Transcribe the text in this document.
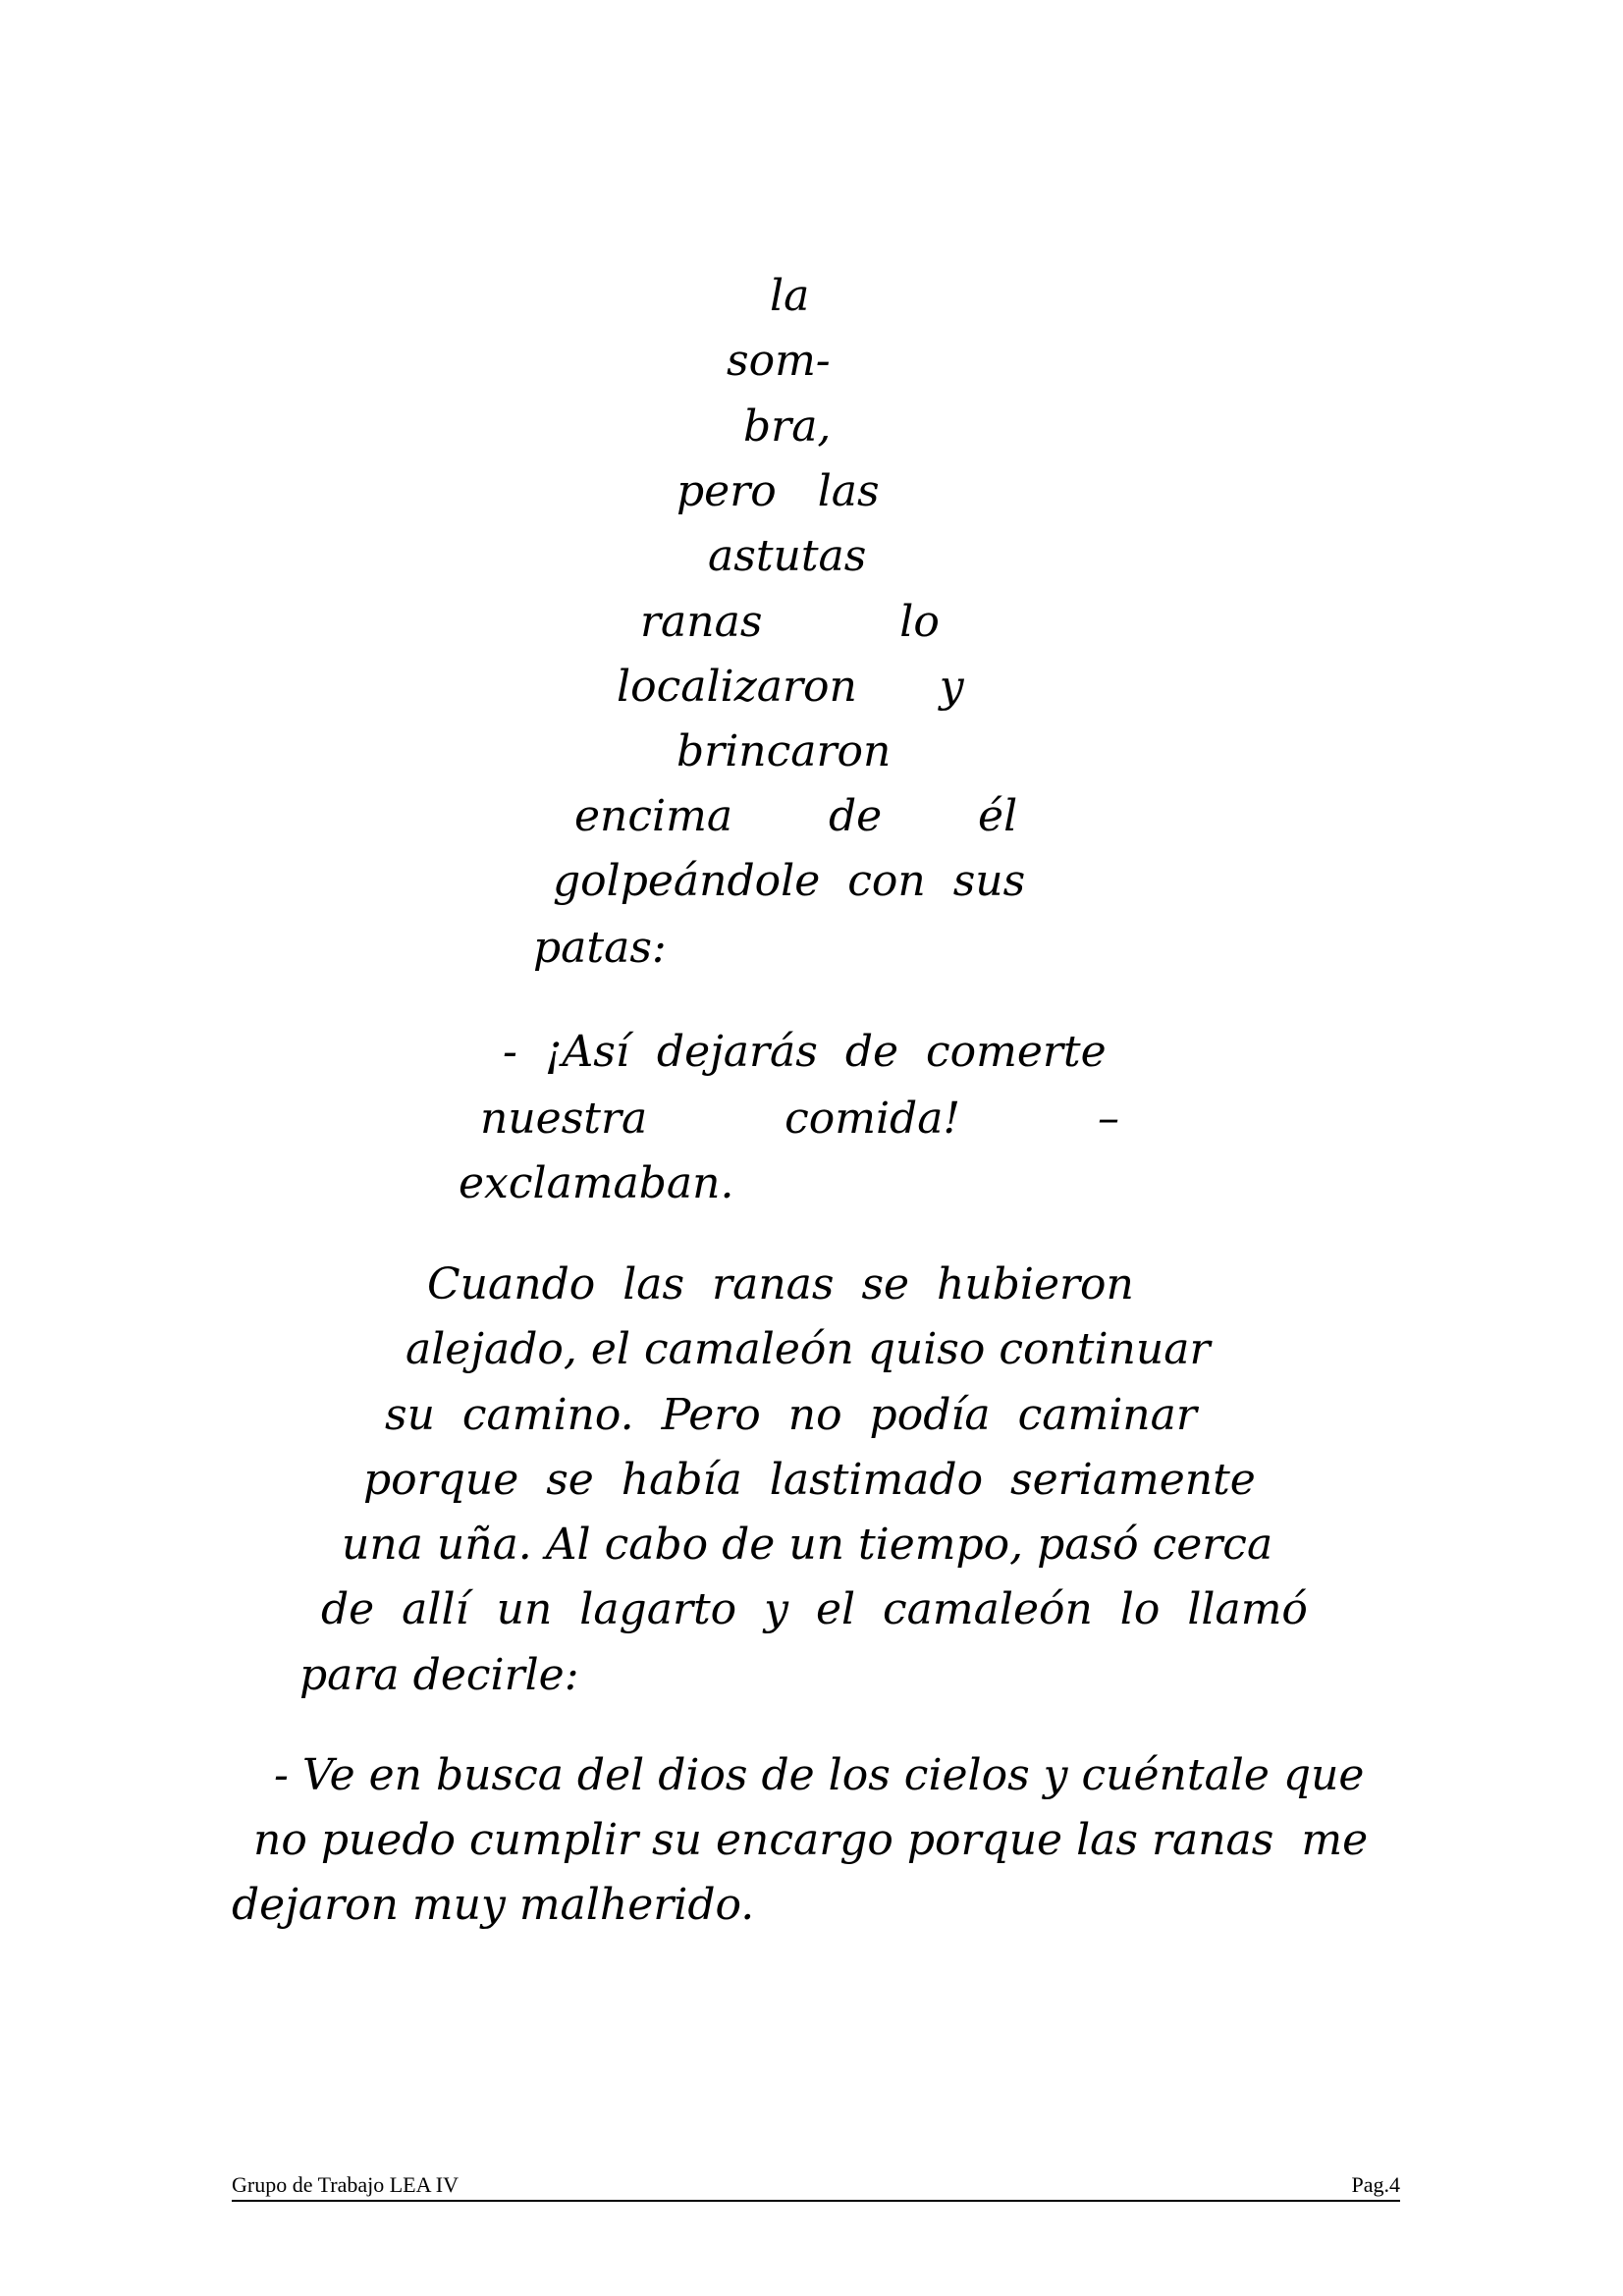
la
som-
bra,
pero   las
astutas
ranas          lo
localizaron      y
brincaron
encima       de       él
golpeándole  con  sus
patas:
-  ¡Así  dejarás  de  comerte
nuestra          comida!          –
exclamaban.
Cuando  las  ranas  se  hubieron
alejado, el camaleón quiso continuar
su  camino.  Pero  no  podía  caminar
porque  se  había  lastimado  seriamente
una uña. Al cabo de un tiempo, pasó cerca
de  allí  un  lagarto  y  el  camaleón  lo  llamó
para decirle:
- Ve en busca del dios de los cielos y cuéntale que
no puedo cumplir su encargo porque las ranas  me
dejaron muy malherido.
Grupo de Trabajo LEA IV	Pag.4
